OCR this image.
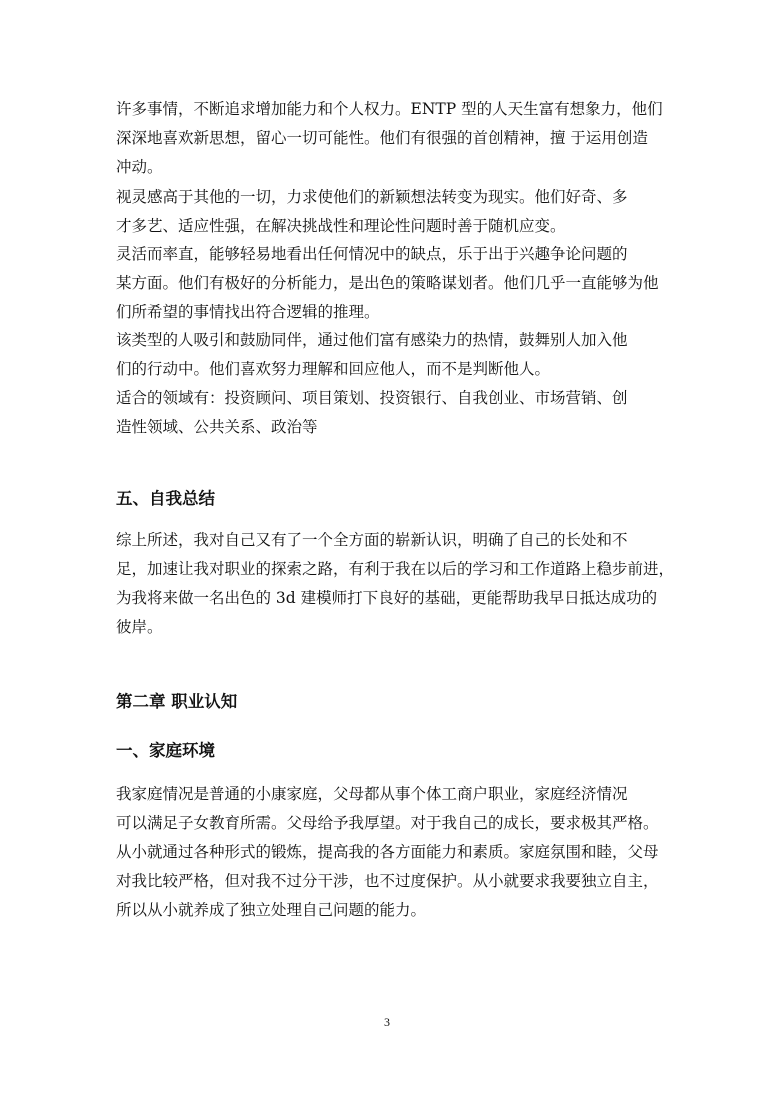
许多事情，不断追求增加能力和个人权力。ENTP 型的人天生富有想象力，他们
深深地喜欢新思想，留心一切可能性。他们有很强的首创精神，擅 于运用创造
冲动。
视灵感高于其他的一切，力求使他们的新颖想法转变为现实。他们好奇、多
才多艺、适应性强，在解决挑战性和理论性问题时善于随机应变。
灵活而率直，能够轻易地看出任何情况中的缺点，乐于出于兴趣争论问题的
某方面。他们有极好的分析能力，是出色的策略谋划者。他们几乎一直能够为他
们所希望的事情找出符合逻辑的推理。
该类型的人吸引和鼓励同伴，通过他们富有感染力的热情，鼓舞别人加入他
们的行动中。他们喜欢努力理解和回应他人，而不是判断他人。
适合的领域有：投资顾问、项目策划、投资银行、自我创业、市场营销、创
造性领域、公共关系、政治等
五、自我总结
综上所述，我对自己又有了一个全方面的崭新认识，明确了自己的长处和不
足，加速让我对职业的探索之路，有利于我在以后的学习和工作道路上稳步前进，
为我将来做一名出色的 3d 建模师打下良好的基础，更能帮助我早日抵达成功的
彼岸。
第二章 职业认知
一、家庭环境
我家庭情况是普通的小康家庭，父母都从事个体工商户职业，家庭经济情况
可以满足子女教育所需。父母给予我厚望。对于我自己的成长，要求极其严格。
从小就通过各种形式的锻炼，提高我的各方面能力和素质。家庭氛围和睦，父母
对我比较严格，但对我不过分干涉，也不过度保护。从小就要求我要独立自主，
所以从小就养成了独立处理自己问题的能力。
3
